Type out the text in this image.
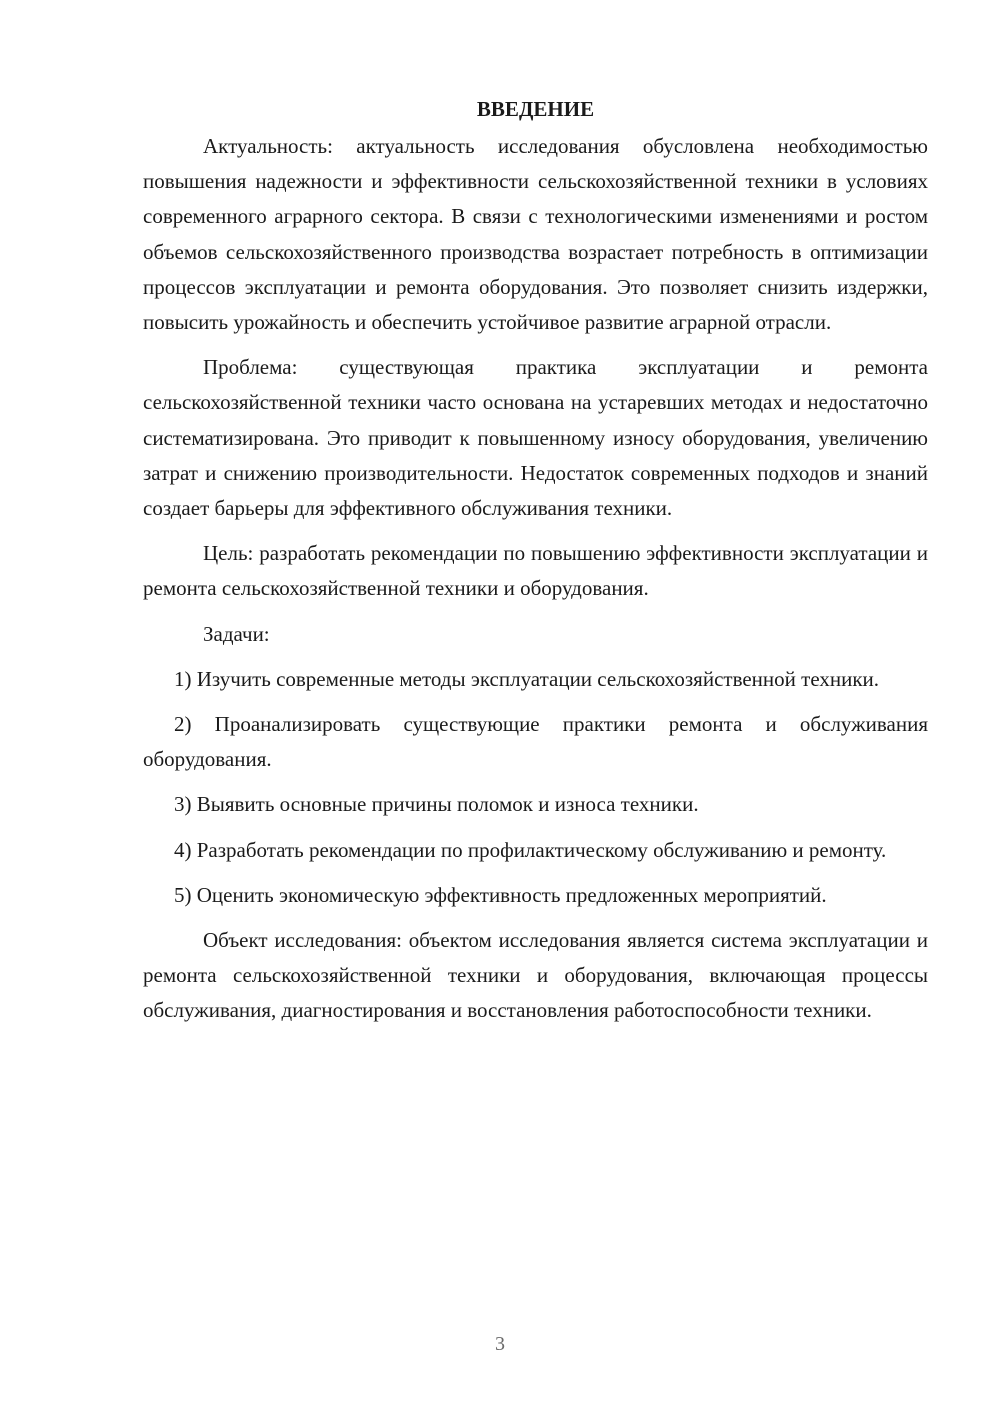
ВВЕДЕНИЕ

Актуальность: актуальность исследования обусловлена необходимостью повышения надежности и эффективности сельскохозяйственной техники в условиях современного аграрного сектора. В связи с технологическими изменениями и ростом объемов сельскохозяйственного производства возрастает потребность в оптимизации процессов эксплуатации и ремонта оборудования. Это позволяет снизить издержки, повысить урожайность и обеспечить устойчивое развитие аграрной отрасли.

Проблема: существующая практика эксплуатации и ремонта сельскохозяйственной техники часто основана на устаревших методах и недостаточно систематизирована. Это приводит к повышенному износу оборудования, увеличению затрат и снижению производительности. Недостаток современных подходов и знаний создает барьеры для эффективного обслуживания техники.

Цель: разработать рекомендации по повышению эффективности эксплуатации и ремонта сельскохозяйственной техники и оборудования.

Задачи:

1) Изучить современные методы эксплуатации сельскохозяйственной техники.

2) Проанализировать существующие практики ремонта и обслуживания оборудования.

3) Выявить основные причины поломок и износа техники.

4) Разработать рекомендации по профилактическому обслуживанию и ремонту.

5) Оценить экономическую эффективность предложенных мероприятий.

Объект исследования: объектом исследования является система эксплуатации и ремонта сельскохозяйственной техники и оборудования, включающая процессы обслуживания, диагностирования и восстановления работоспособности техники.

3
